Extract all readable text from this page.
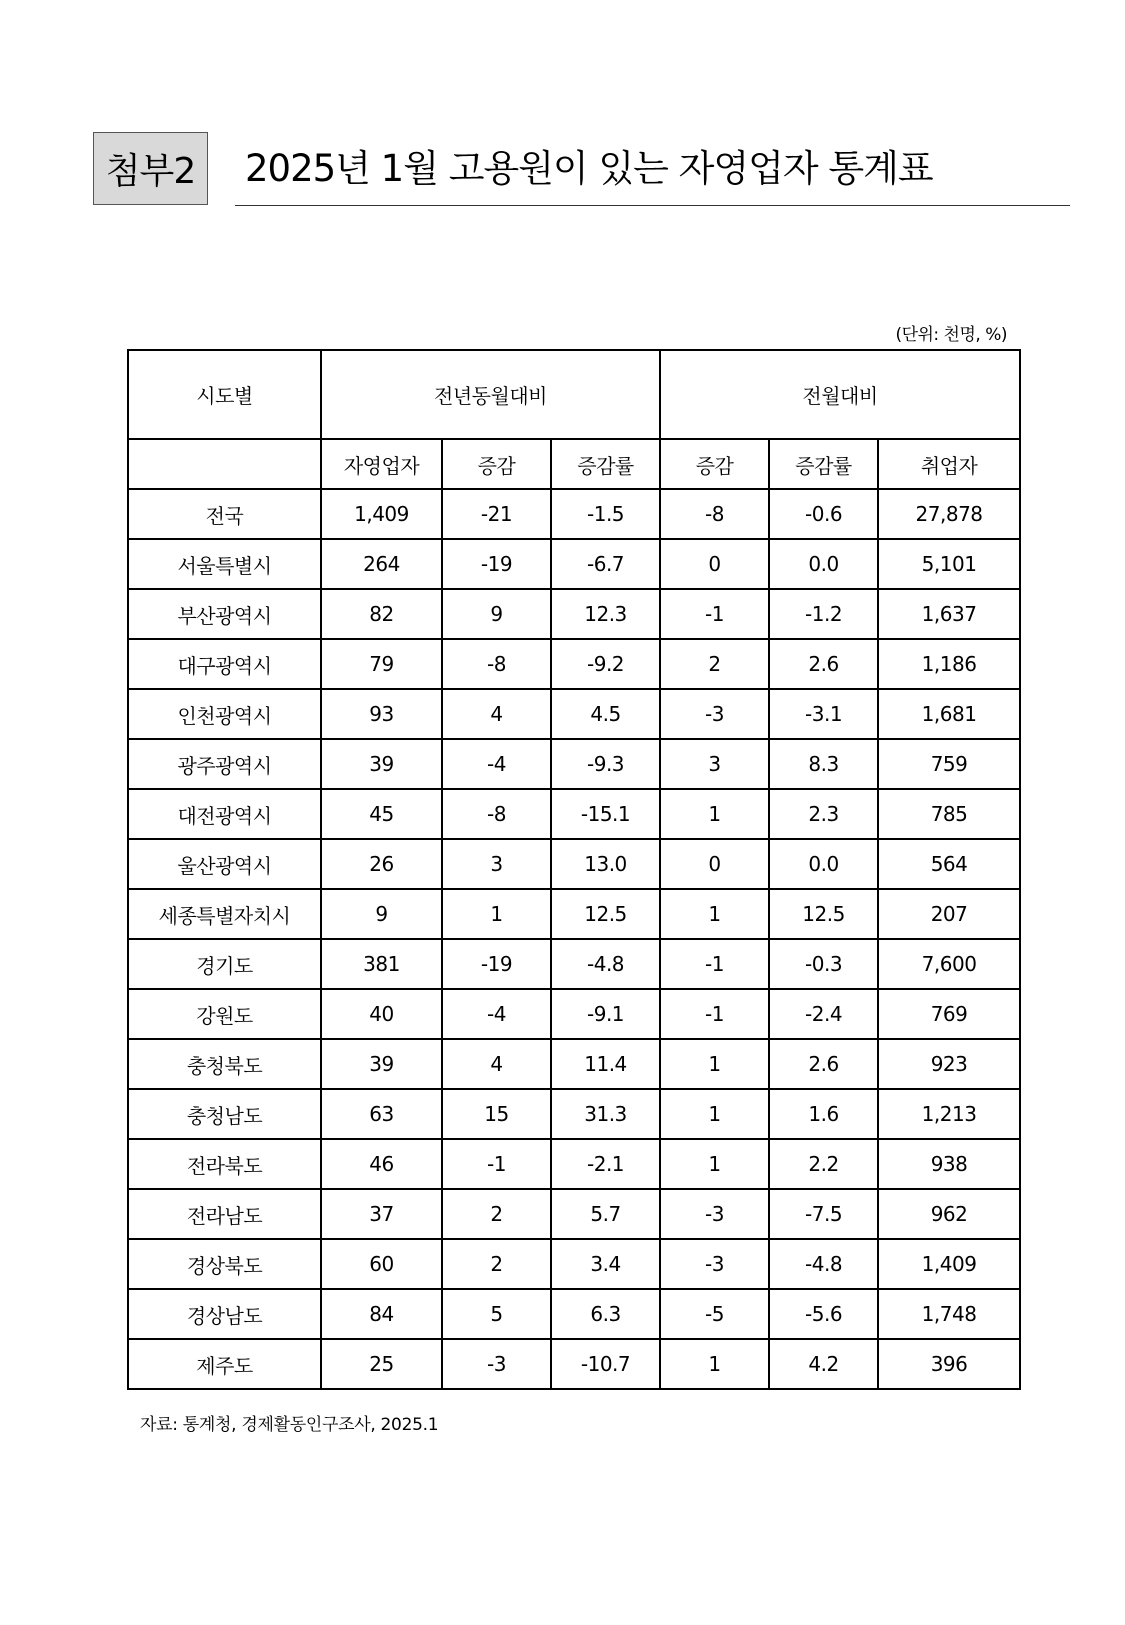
첨부2	2025년 1월 고용원이 있는 자영업자 통계표
(단위: 천명, %)
시도별	전년동월대비			전월대비		
	자영업자	증감	증감률	증감	증감률	취업자
전국	1,409	-21	-1.5	-8	-0.6	27,878
서울특별시	264	-19	-6.7	0	0.0	5,101
부산광역시	82	9	12.3	-1	-1.2	1,637
대구광역시	79	-8	-9.2	2	2.6	1,186
인천광역시	93	4	4.5	-3	-3.1	1,681
광주광역시	39	-4	-9.3	3	8.3	759
대전광역시	45	-8	-15.1	1	2.3	785
울산광역시	26	3	13.0	0	0.0	564
세종특별자치시	9	1	12.5	1	12.5	207
경기도	381	-19	-4.8	-1	-0.3	7,600
강원도	40	-4	-9.1	-1	-2.4	769
충청북도	39	4	11.4	1	2.6	923
충청남도	63	15	31.3	1	1.6	1,213
전라북도	46	-1	-2.1	1	2.2	938
전라남도	37	2	5.7	-3	-7.5	962
경상북도	60	2	3.4	-3	-4.8	1,409
경상남도	84	5	6.3	-5	-5.6	1,748
제주도	25	-3	-10.7	1	4.2	396
자료: 통계청, 경제활동인구조사, 2025.1
